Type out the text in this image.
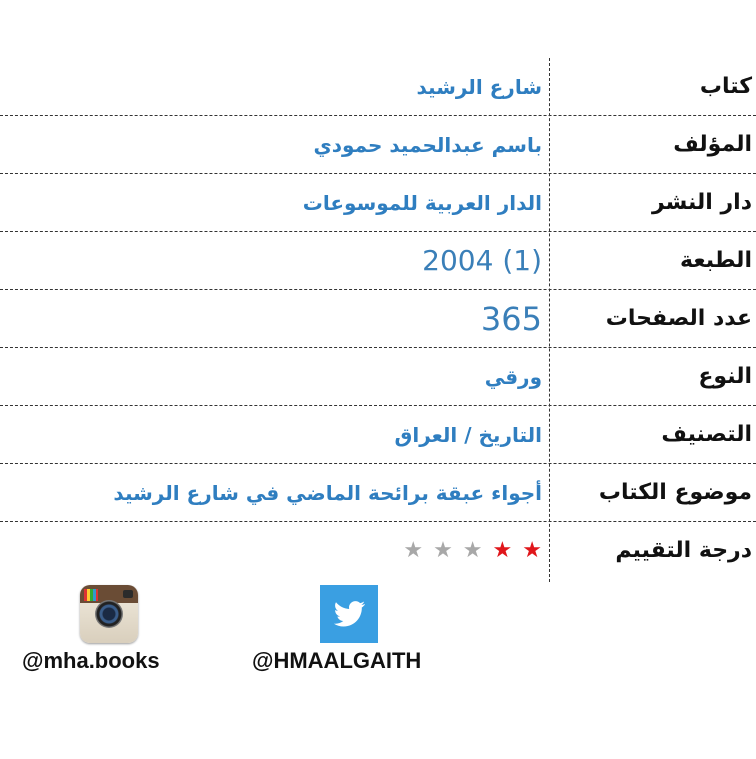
كتاب
شارع الرشيد
المؤلف
باسم عبدالحميد حمودي
دار النشر
الدار العربية للموسوعات
الطبعة
2004 (1)
عدد الصفحات
365
النوع
ورقي
التصنيف
التاريخ / العراق
موضوع الكتاب
أجواء عبقة برائحة الماضي في شارع الرشيد
درجة التقييم
★
★
★
★
★
@mha.books	@HMAALGAITH
